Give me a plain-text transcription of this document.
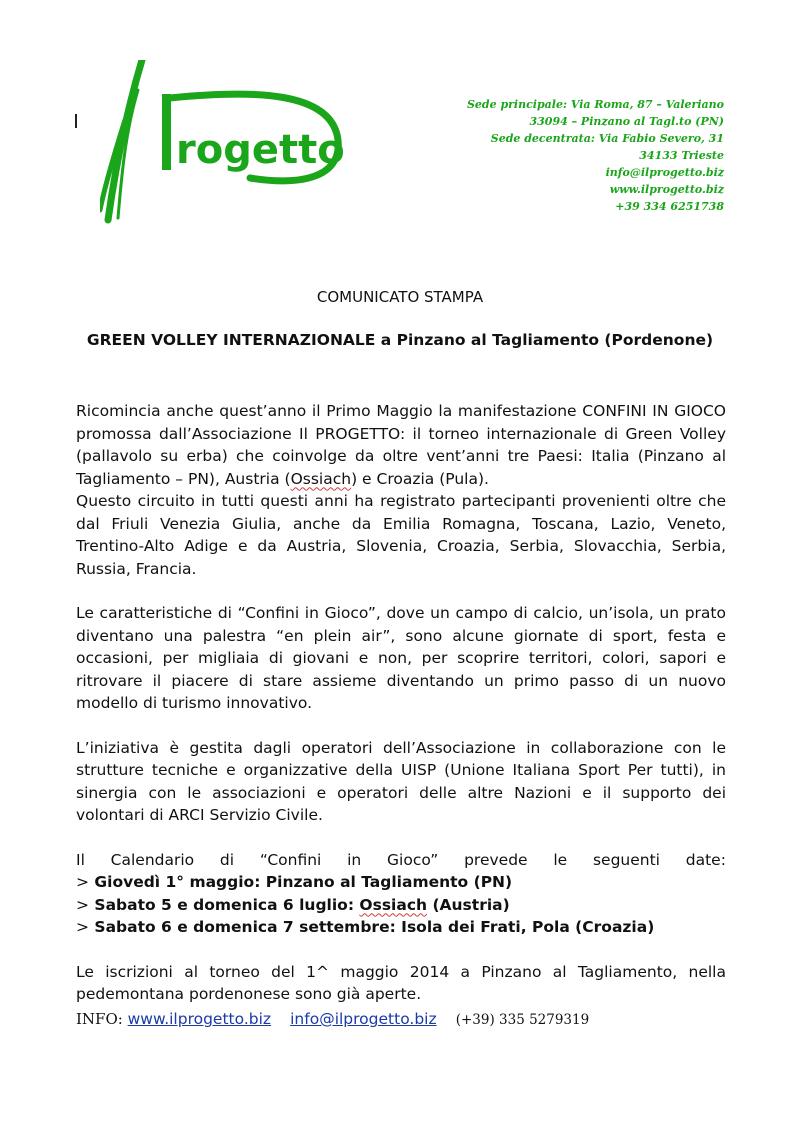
rogetto
Sede principale: Via Roma, 87 – Valeriano
33094 – Pinzano al Tagl.to (PN)
Sede decentrata: Via Fabio Severo, 31
34133 Trieste
info@ilprogetto.biz
www.ilprogetto.biz
+39 334 6251738
COMUNICATO STAMPA
GREEN VOLLEY INTERNAZIONALE a Pinzano al Tagliamento (Pordenone)

Ricomincia anche quest’anno il Primo Maggio la manifestazione CONFINI IN GIOCO promossa dall’Associazione Il PROGETTO: il torneo internazionale di Green Volley (pallavolo su erba) che coinvolge da oltre vent’anni tre Paesi: Italia (Pinzano al Tagliamento – PN), Austria (Ossiach) e Croazia (Pula).
Questo circuito in tutti questi anni ha registrato partecipanti provenienti oltre che dal Friuli Venezia Giulia, anche da Emilia Romagna, Toscana, Lazio, Veneto, Trentino-Alto Adige e da Austria, Slovenia, Croazia, Serbia, Slovacchia, Serbia, Russia, Francia.

Le caratteristiche di “Confini in Gioco”, dove un campo di calcio, un’isola, un prato diventano una palestra “en plein air”, sono alcune giornate di sport, festa e occasioni, per migliaia di giovani e non, per scoprire territori, colori, sapori e ritrovare il piacere di stare assieme diventando un primo passo di un nuovo modello di turismo innovativo.

L’iniziativa è gestita dagli operatori dell’Associazione in collaborazione con le strutture tecniche e organizzative della UISP (Unione Italiana Sport Per tutti), in sinergia con le associazioni e operatori delle altre Nazioni e il supporto dei volontari di ARCI Servizio Civile.

Il Calendario di “Confini in Gioco” prevede le seguenti date:
> Giovedì 1° maggio: Pinzano al Tagliamento (PN)
> Sabato 5 e domenica 6 luglio: Ossiach (Austria)
> Sabato 6 e domenica 7 settembre: Isola dei Frati, Pola (Croazia)

Le iscrizioni al torneo del 1^ maggio 2014 a Pinzano al Tagliamento, nella pedemontana pordenonese sono già aperte.

INFO: www.ilprogetto.biz info@ilprogetto.biz (+39) 335 5279319
